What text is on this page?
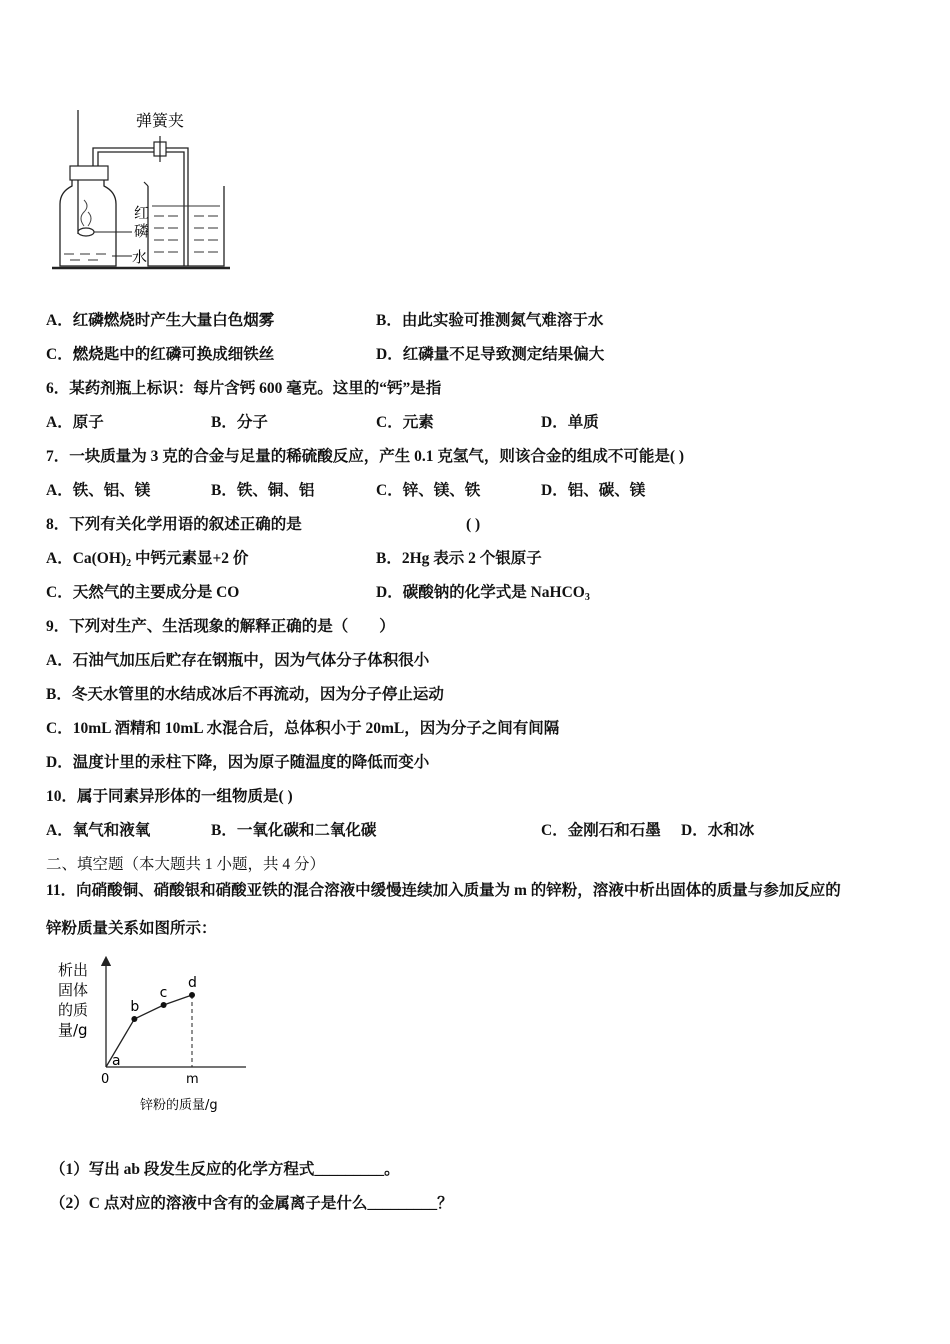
弹簧夹
红
磷
水
A．红磷燃烧时产生大量白色烟雾	B．由此实验可推测氮气难溶于水
C．燃烧匙中的红磷可换成细铁丝	D．红磷量不足导致测定结果偏大
6．某药剂瓶上标识：每片含钙 600 毫克。这里的“钙”是指
A．原子	B．分子	C．元素	D．单质
7．一块质量为 3 克的合金与足量的稀硫酸反应，产生 0.1 克氢气，则该合金的组成不可能是( )
A．铁、铝、镁	B．铁、铜、铝	C．锌、镁、铁	D．铝、碳、镁
8．下列有关化学用语的叙述正确的是	( )
A．$Ca(OH)_2$ 中钙元素显+2 价	B．2Hg 表示 2 个银原子
C．天然气的主要成分是 CO	D．碳酸钠的化学式是 NaHCO$_3$
9．下列对生产、生活现象的解释正确的是（　　）
A．石油气加压后贮存在钢瓶中，因为气体分子体积很小
B．冬天水管里的水结成冰后不再流动，因为分子停止运动
C．10mL 酒精和 10mL 水混合后，总体积小于 20mL，因为分子之间有间隔
D．温度计里的汞柱下降，因为原子随温度的降低而变小
10．属于同素异形体的一组物质是( )
A．氧气和液氧	B．一氧化碳和二氧化碳	C．金刚石和石墨 D．水和冰
二、填空题（本大题共 1 小题，共 4 分）
11．向硝酸铜、硝酸银和硝酸亚铁的混合溶液中缓慢连续加入质量为 m 的锌粉，溶液中析出固体的质量与参加反应的
锌粉质量关系如图所示：
析出
固体
的质
量/g
a
b
c
d
0	m
锌粉的质量/g
（1）写出 ab 段发生反应的化学方程式_________。
（2）C 点对应的溶液中含有的金属离子是什么_________？
